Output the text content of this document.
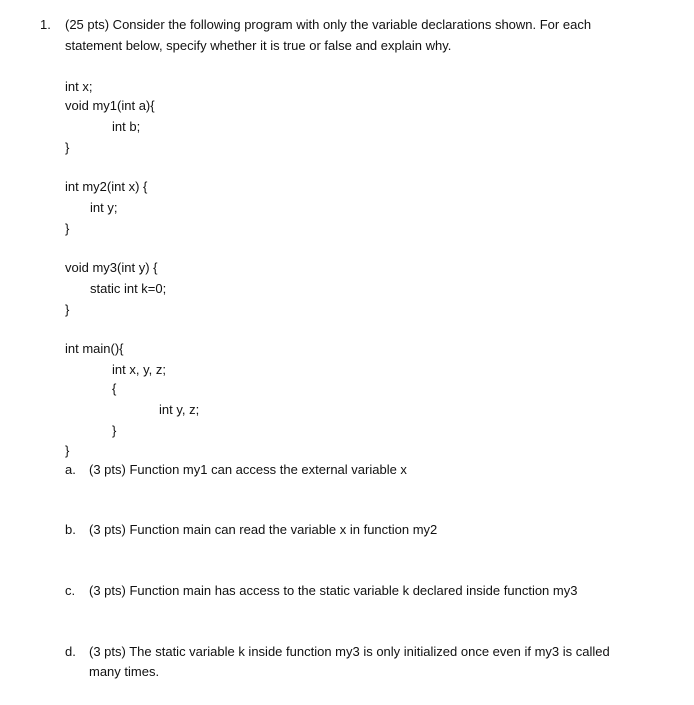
1. (25 pts) Consider the following program with only the variable declarations shown. For each
statement below, specify whether it is true or false and explain why.
int x;
void my1(int a){
int b;
}
int my2(int x) {
int y;
}
void my3(int y) {
static int k=0;
}
int main(){
int x, y, z;
{
int y, z;
}
}
a. (3 pts) Function my1 can access the external variable x
b. (3 pts) Function main can read the variable x in function my2
c. (3 pts) Function main has access to the static variable k declared inside function my3
d. (3 pts) The static variable k inside function my3 is only initialized once even if my3 is called
many times.
